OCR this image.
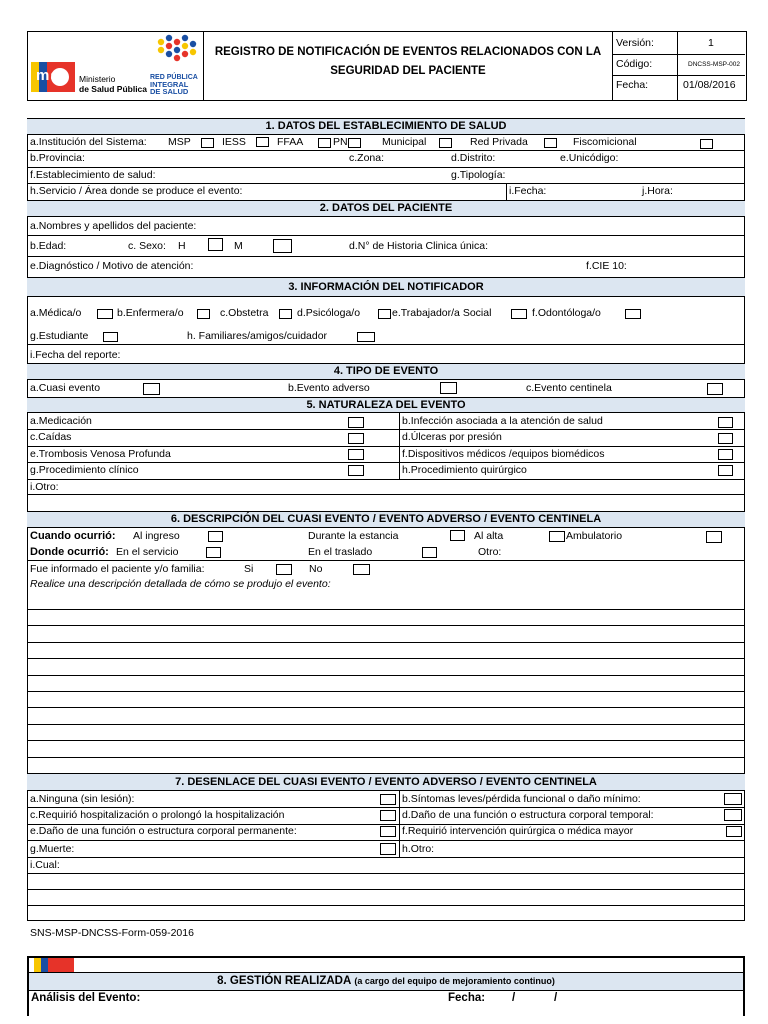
msp Ministerio
de Salud Pública
RED PÚBLICA
INTEGRAL
DE SALUD
REGISTRO DE NOTIFICACIÓN DE EVENTOS RELACIONADOS CON LA
SEGURIDAD DEL PACIENTE
Versión:	1
Código:	DNCSS-MSP-002
Fecha:	01/08/2016
1. DATOS DEL ESTABLECIMIENTO DE SALUD
a.Institución del Sistema: MSP	IESS	FFAA	PN	Municipal	Red Privada	Fiscomicional
b.Provincia:	c.Zona:	d.Distrito:	e.Unicódigo:
f.Establecimiento de salud:	g.Tipología:
h.Servicio / Área donde se produce el evento:	i.Fecha:	j.Hora:
2. DATOS DEL PACIENTE
a.Nombres y apellidos del paciente:
b.Edad:	c. Sexo: H	M	d.N° de Historia Clinica única:
e.Diagnóstico / Motivo de atención:	f.CIE 10:
3. INFORMACIÓN DEL NOTIFICADOR
a.Médica/o	b.Enfermera/o	c.Obstetra	d.Psicóloga/o	e.Trabajador/a Social	f.Odontóloga/o
g.Estudiante	h. Familiares/amigos/cuidador
i.Fecha del reporte:
4. TIPO DE EVENTO
a.Cuasi evento	b.Evento adverso	c.Evento centinela
5. NATURALEZA DEL EVENTO
a.Medicación	b.Infección asociada a la atención de salud
c.Caídas	d.Úlceras por presión
e.Trombosis Venosa Profunda	f.Dispositivos médicos /equipos biomédicos
g.Procedimiento clínico	h.Procedimiento quirúrgico
i.Otro:
6. DESCRIPCIÓN DEL CUASI EVENTO / EVENTO ADVERSO / EVENTO CENTINELA
Cuando ocurrió: Al ingreso	Durante la estancia	Al alta	Ambulatorio
Donde ocurrió: En el servicio	En el traslado	Otro:
Fue informado el paciente y/o familia:	Si	No
Realice una descripción detallada de cómo se produjo el evento:
7. DESENLACE DEL CUASI EVENTO / EVENTO ADVERSO / EVENTO CENTINELA
a.Ninguna (sin lesión):	b.Síntomas leves/pérdida funcional o daño mínimo:
c.Requirió hospitalización o prolongó la hospitalización	d.Daño de una función o estructura corporal temporal:
e.Daño de una función o estructura corporal permanente:	f.Requirió intervención quirúrgica o médica mayor
g.Muerte:	h.Otro:
i.Cual:
SNS-MSP-DNCSS-Form-059-2016
8. GESTIÓN REALIZADA (a cargo del equipo de mejoramiento continuo)
Análisis del Evento:	Fecha: /	/
